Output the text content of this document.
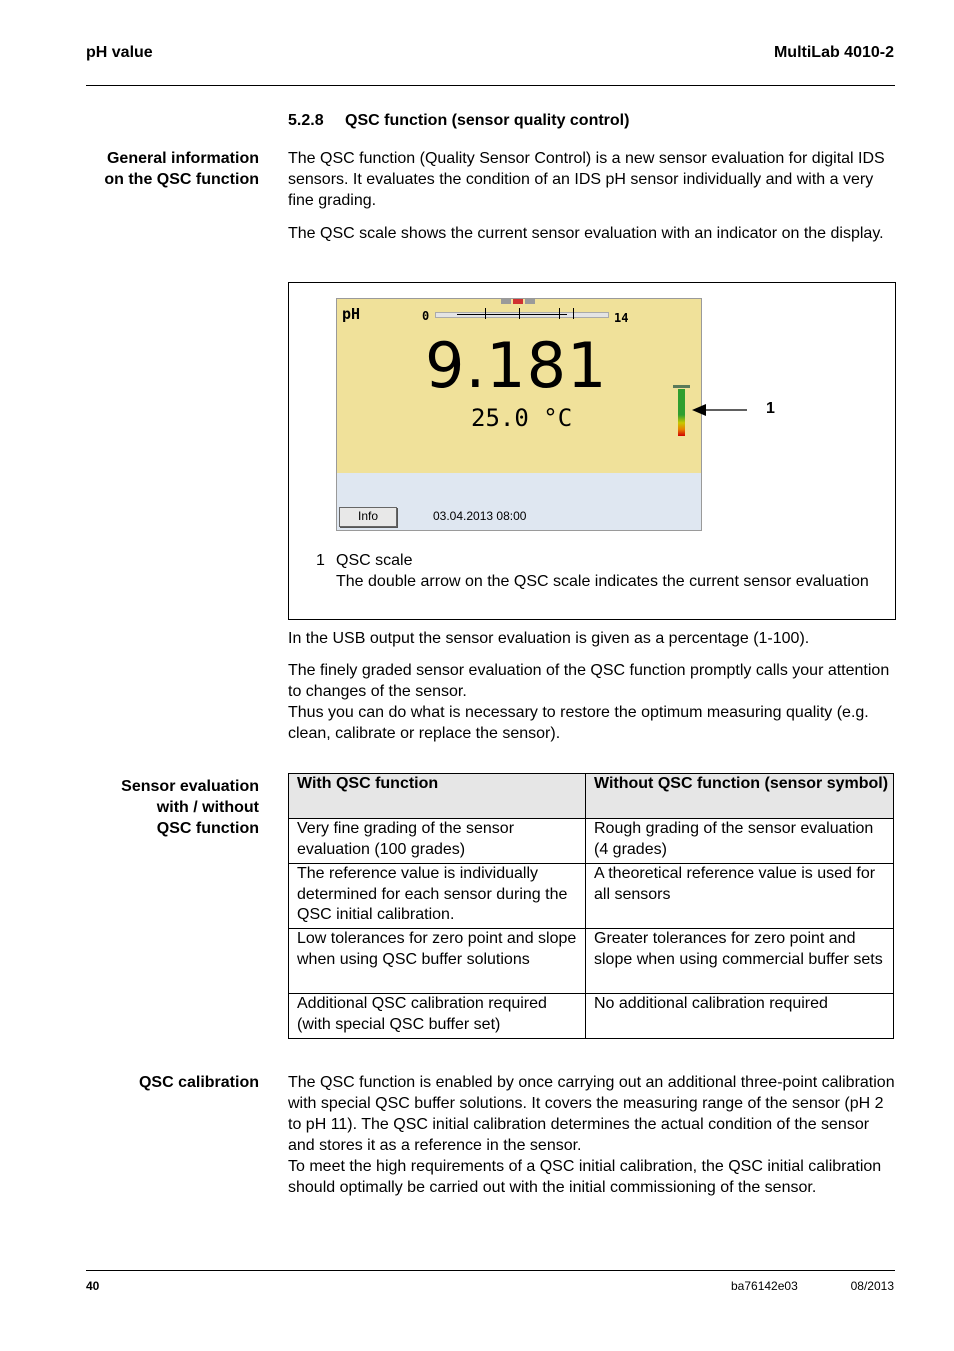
pH value	MultiLab 4010-2
5.2.8 QSC function (sensor quality control)
General information
on the QSC function

The QSC function (Quality Sensor Control) is a new sensor evaluation for digital IDS sensors. It evaluates the condition of an IDS pH sensor individually and with a very fine grading.

The QSC scale shows the current sensor evaluation with an indicator on the display.

pH	0	14
9.181
25.0 °C
Info	03.04.2013 08:00
1
1 QSC scale
The double arrow on the QSC scale indicates the current sensor evaluation

In the USB output the sensor evaluation is given as a percentage (1-100).

The finely graded sensor evaluation of the QSC function promptly calls your attention to changes of the sensor.

Thus you can do what is necessary to restore the optimum measuring quality (e.g. clean, calibrate or replace the sensor).

Sensor evaluation
with / without
QSC function
With QSC function	Without QSC function (sensor symbol)
Very fine grading of the sensor evaluation (100 grades)	Rough grading of the sensor evaluation (4 grades)
The reference value is individually determined for each sensor during the QSC initial calibration.	A theoretical reference value is used for all sensors
Low tolerances for zero point and slope when using QSC buffer solutions	Greater tolerances for zero point and slope when using commercial buffer sets
Additional QSC calibration required (with special QSC buffer set)	No additional calibration required
QSC calibration The QSC function is enabled by once carrying out an additional three-point calibration with special QSC buffer solutions. It covers the measuring range of the sensor (pH 2 to pH 11). The QSC initial calibration determines the actual condition of the sensor and stores it as a reference in the sensor.

To meet the high requirements of a QSC initial calibration, the QSC initial calibration should optimally be carried out with the initial commissioning of the sensor.

40	ba76142e03	08/2013
